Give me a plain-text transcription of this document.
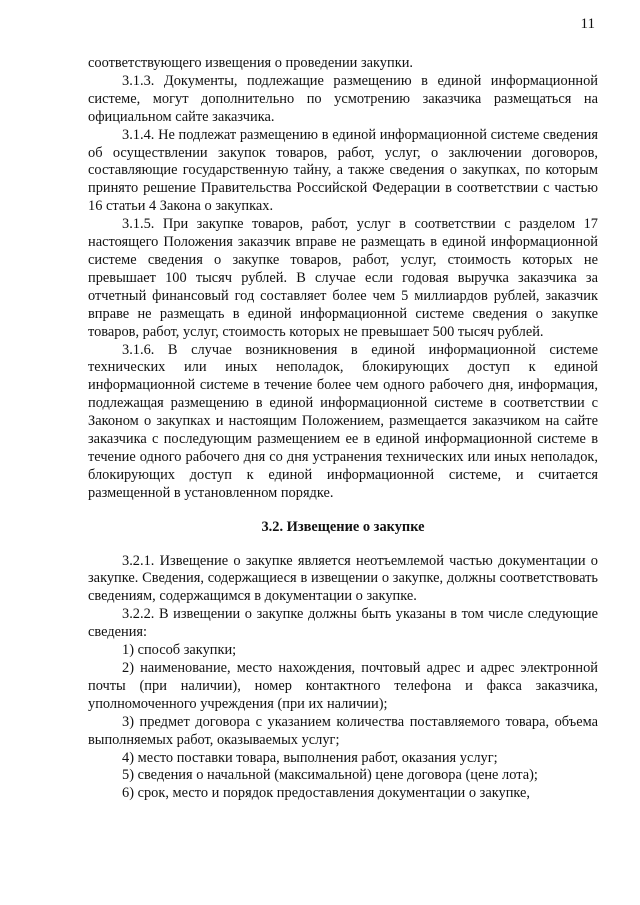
11
соответствующего извещения о проведении закупки.
3.1.3. Документы, подлежащие размещению в единой информационной системе, могут дополнительно по усмотрению заказчика размещаться на официальном сайте заказчика.
3.1.4. Не подлежат размещению в единой информационной системе сведения об осуществлении закупок товаров, работ, услуг, о заключении договоров, составляющие государственную тайну, а также сведения о закупках, по которым принято решение Правительства Российской Федерации в соответствии с частью 16 статьи 4 Закона о закупках.
3.1.5. При закупке товаров, работ, услуг в соответствии с разделом 17 настоящего Положения заказчик вправе не размещать в единой информационной системе сведения о закупке товаров, работ, услуг, стоимость которых не превышает 100 тысяч рублей. В случае если годовая выручка заказчика за отчетный финансовый год составляет более чем 5 миллиардов рублей, заказчик вправе не размещать в единой информационной системе сведения о закупке товаров, работ, услуг, стоимость которых не превышает 500 тысяч рублей.
3.1.6. В случае возникновения в единой информационной системе технических или иных неполадок, блокирующих доступ к единой информационной системе в течение более чем одного рабочего дня, информация, подлежащая размещению в единой информационной системе в соответствии с Законом о закупках и настоящим Положением, размещается заказчиком на сайте заказчика с последующим размещением ее в единой информационной системе в течение одного рабочего дня со дня устранения технических или иных неполадок, блокирующих доступ к единой информационной системе, и считается размещенной в установленном порядке.
3.2. Извещение о закупке
3.2.1. Извещение о закупке является неотъемлемой частью документации о закупке. Сведения, содержащиеся в извещении о закупке, должны соответствовать сведениям, содержащимся в документации о закупке.
3.2.2. В извещении о закупке должны быть указаны в том числе следующие сведения:
1) способ закупки;
2) наименование, место нахождения, почтовый адрес и адрес электронной почты (при наличии), номер контактного телефона и факса заказчика, уполномоченного учреждения (при их наличии);
3) предмет договора с указанием количества поставляемого товара, объема выполняемых работ, оказываемых услуг;
4) место поставки товара, выполнения работ, оказания услуг;
5) сведения о начальной (максимальной) цене договора (цене лота);
6) срок, место и порядок предоставления документации о закупке,
